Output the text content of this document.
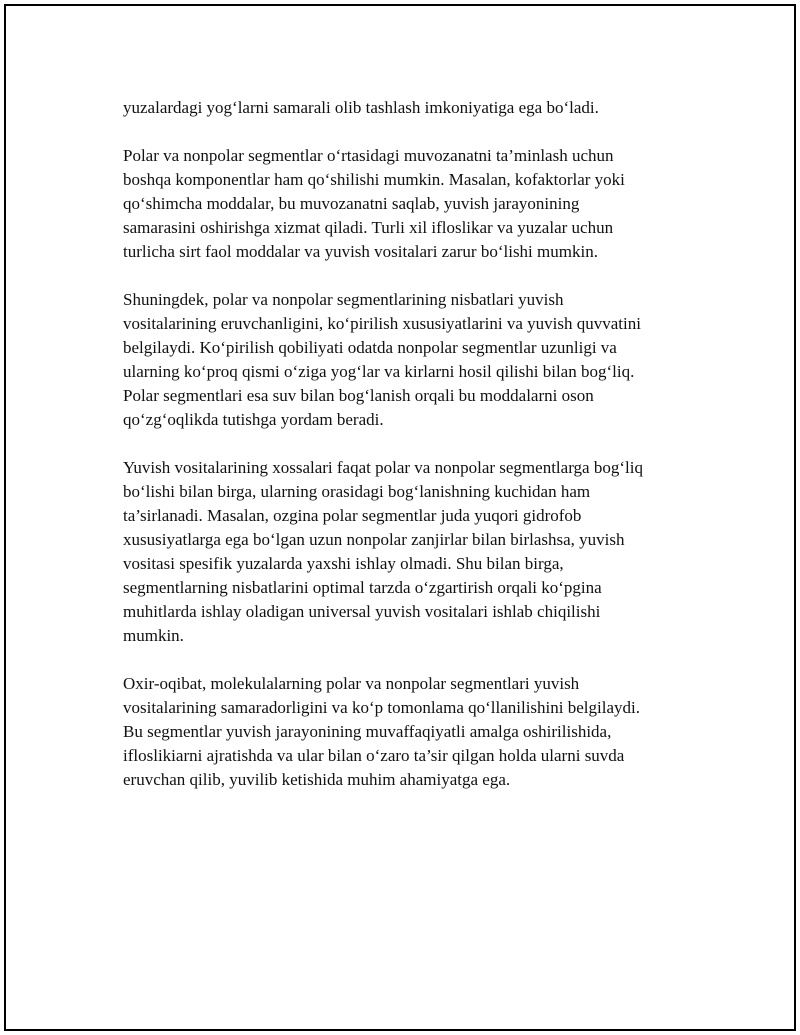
yuzalardagi yog‘larni samarali olib tashlash imkoniyatiga ega bo‘ladi.

Polar va nonpolar segmentlar o‘rtasidagi muvozanatni ta’minlash uchun
boshqa komponentlar ham qo‘shilishi mumkin. Masalan, kofaktorlar yoki
qo‘shimcha moddalar, bu muvozanatni saqlab, yuvish jarayonining
samarasini oshirishga xizmat qiladi. Turli xil ifloslikar va yuzalar uchun
turlicha sirt faol moddalar va yuvish vositalari zarur bo‘lishi mumkin.

Shuningdek, polar va nonpolar segmentlarining nisbatlari yuvish
vositalarining eruvchanligini, ko‘pirilish xususiyatlarini va yuvish quvvatini
belgilaydi. Ko‘pirilish qobiliyati odatda nonpolar segmentlar uzunligi va
ularning ko‘proq qismi o‘ziga yog‘lar va kirlarni hosil qilishi bilan bog‘liq.
Polar segmentlari esa suv bilan bog‘lanish orqali bu moddalarni oson
qo‘zg‘oqlikda tutishga yordam beradi.

Yuvish vositalarining xossalari faqat polar va nonpolar segmentlarga bog‘liq
bo‘lishi bilan birga, ularning orasidagi bog‘lanishning kuchidan ham
ta’sirlanadi. Masalan, ozgina polar segmentlar juda yuqori gidrofob
xususiyatlarga ega bo‘lgan uzun nonpolar zanjirlar bilan birlashsa, yuvish
vositasi spesifik yuzalarda yaxshi ishlay olmadi. Shu bilan birga,
segmentlarning nisbatlarini optimal tarzda o‘zgartirish orqali ko‘pgina
muhitlarda ishlay oladigan universal yuvish vositalari ishlab chiqilishi
mumkin.

Oxir-oqibat, molekulalarning polar va nonpolar segmentlari yuvish
vositalarining samaradorligini va ko‘p tomonlama qo‘llanilishini belgilaydi.
Bu segmentlar yuvish jarayonining muvaffaqiyatli amalga oshirilishida,
ifloslikiarni ajratishda va ular bilan o‘zaro ta’sir qilgan holda ularni suvda
eruvchan qilib, yuvilib ketishida muhim ahamiyatga ega.
